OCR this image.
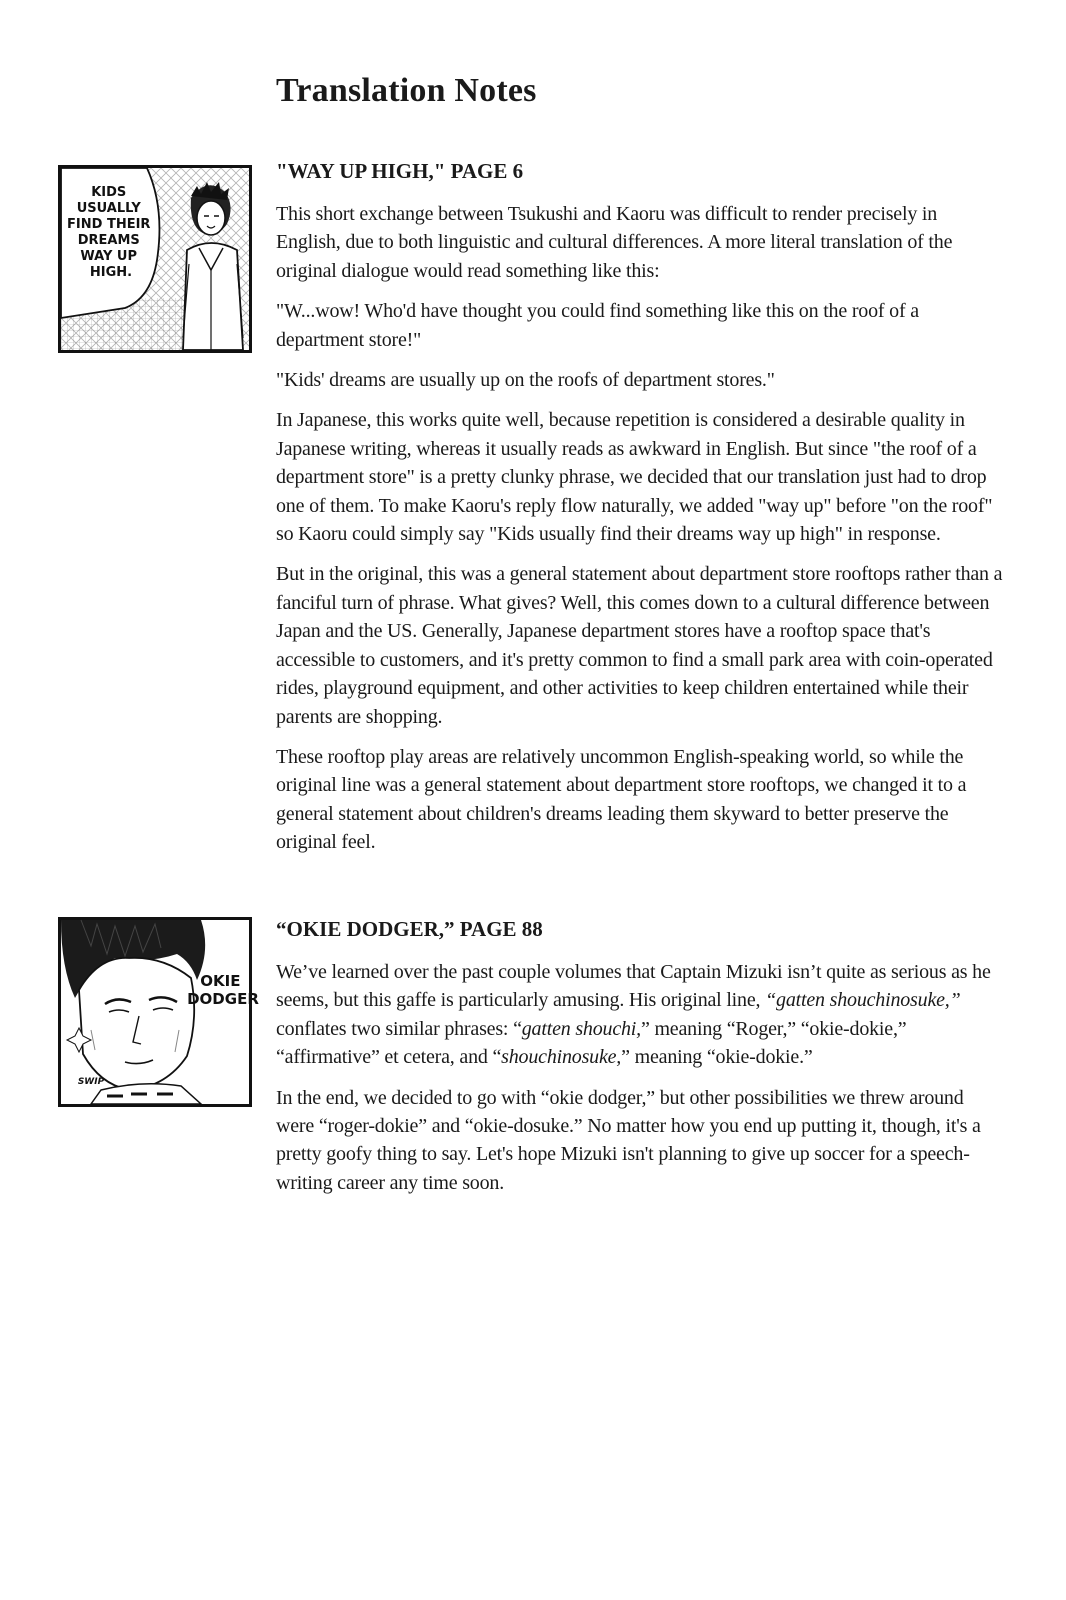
Translation Notes
KIDS USUALLY FIND THEIR DREAMS WAY UP HIGH.
"WAY UP HIGH," PAGE 6

This short exchange between Tsukushi and Kaoru was difficult to render precisely in English, due to both linguistic and cultural differences. A more literal translation of the original dialogue would read something like this:

"W...wow! Who'd have thought you could find something like this on the roof of a department store!"

"Kids' dreams are usually up on the roofs of department stores."

In Japanese, this works quite well, because repetition is considered a desirable quality in Japanese writing, whereas it usually reads as awkward in English. But since "the roof of a department store" is a pretty clunky phrase, we decided that our translation just had to drop one of them. To make Kaoru's reply flow naturally, we added "way up" before "on the roof" so Kaoru could simply say "Kids usually find their dreams way up high" in response.

But in the original, this was a general statement about department store rooftops rather than a fanciful turn of phrase. What gives? Well, this comes down to a cultural difference between Japan and the US. Generally, Japanese department stores have a rooftop space that's accessible to customers, and it's pretty common to find a small park area with coin-operated rides, playground equipment, and other activities to keep children entertained while their parents are shopping.

These rooftop play areas are relatively uncommon English-speaking world, so while the original line was a general statement about department store rooftops, we changed it to a general statement about children's dreams leading them skyward to better preserve the original feel.

SWIP
OKIE DODGER
“OKIE DODGER,” PAGE 88

We’ve learned over the past couple volumes that Captain Mizuki isn’t quite as serious as he seems, but this gaffe is particularly amusing. His original line, “gatten shouchinosuke,” conflates two similar phrases: “gatten shouchi,” meaning “Roger,” “okie-dokie,” “affirmative” et cetera, and “shouchinosuke,” meaning “okie-dokie.”

In the end, we decided to go with “okie dodger,” but other possibilities we threw around were “roger-dokie” and “okie-dosuke.” No matter how you end up putting it, though, it's a pretty goofy thing to say. Let's hope Mizuki isn't planning to give up soccer for a speech-writing career any time soon.
